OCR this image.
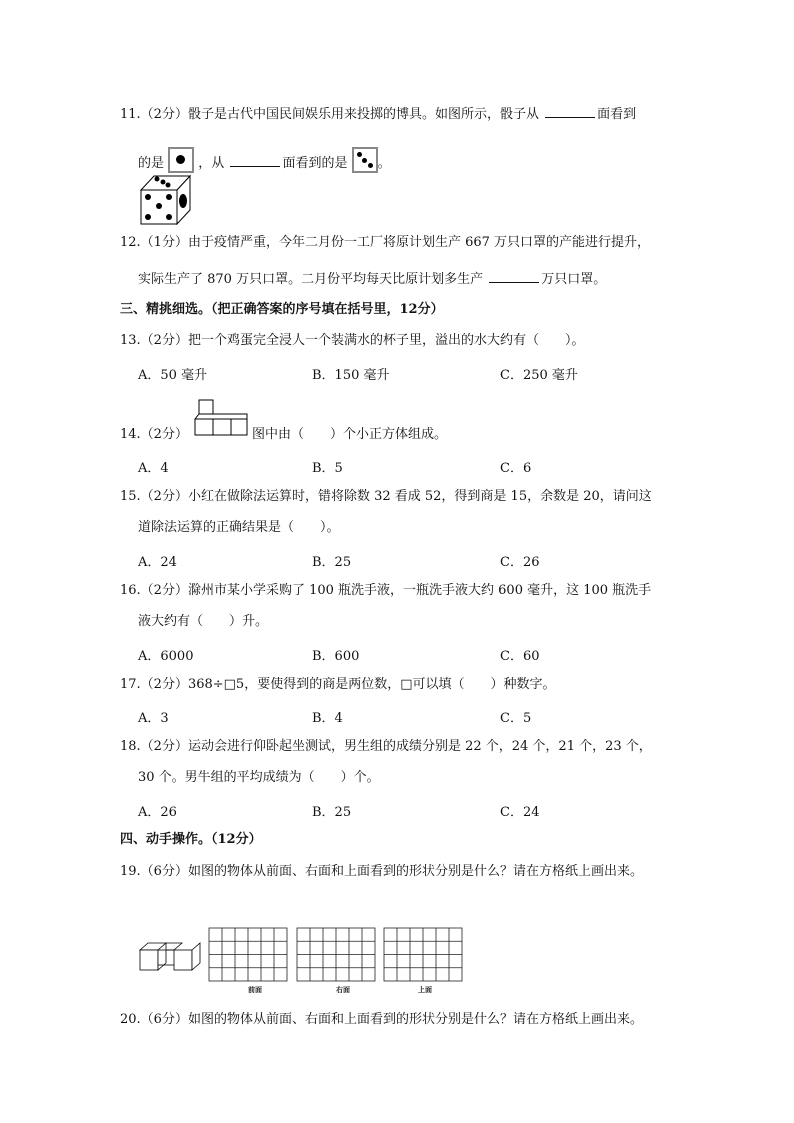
11.（2分）骰子是古代中国民间娱乐用来投掷的博具。如图所示，骰子从	面看到
的是	，从	面看到的是 。
12.（1分）由于疫情严重，今年二月份一工厂将原计划生产 667 万只口罩的产能进行提升，
实际生产了 870 万只口罩。二月份平均每天比原计划多生产	万只口罩。
三、精挑细选。（把正确答案的序号填在括号里，12分）
13.（2分）把一个鸡蛋完全浸人一个装满水的杯子里，溢出的水大约有（　　）。
A．50 毫升	B．150 毫升	C．250 毫升
14.（2分）	图中由（　　）个小正方体组成。
A．4	B．5	C．6
15.（2分）小红在做除法运算时，错将除数 32 看成 52，得到商是 15，余数是 20，请问这
道除法运算的正确结果是（　　）。
A．24	B．25	C．26
16.（2分）滁州市某小学采购了 100 瓶洗手液，一瓶洗手液大约 600 毫升，这 100 瓶洗手
液大约有（　　）升。
A．6000	B．600	C．60
17.（2分）368÷□5，要使得到的商是两位数，□可以填（　　）种数字。
A．3	B．4	C．5
18.（2分）运动会进行仰卧起坐测试，男生组的成绩分别是 22 个，24 个，21 个，23 个，
30 个。男牛组的平均成绩为（　　）个。
A．26	B．25	C．24
四、动手操作。（12分）
19.（6分）如图的物体从前面、右面和上面看到的形状分别是什么？请在方格纸上画出来。
前面	右面	上面
20.（6分）如图的物体从前面、右面和上面看到的形状分别是什么？请在方格纸上画出来。
